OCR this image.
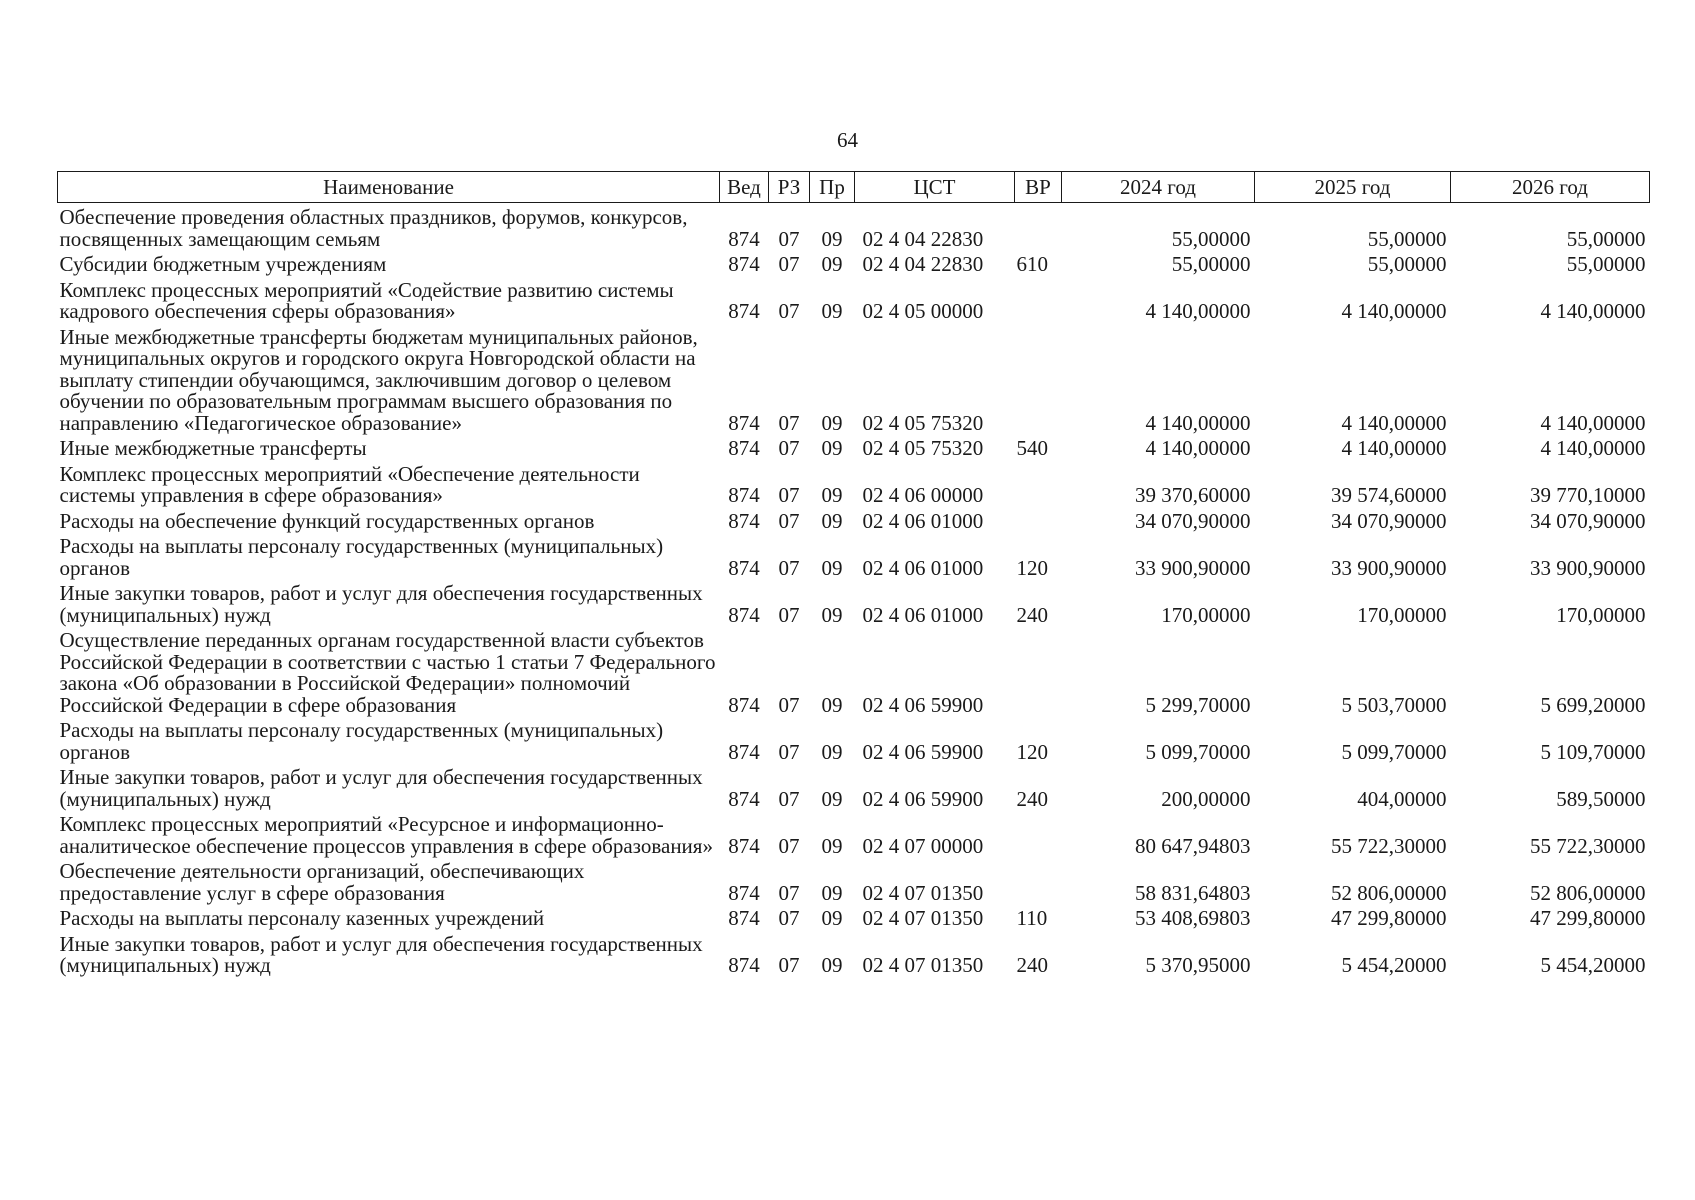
64
Наименование	Вед	РЗ	Пр	ЦСТ	ВР	2024 год	2025 год	2026 год
Обеспечение проведения областных праздников, форумов, конкурсов, посвященных замещающим семьям	874	07	09	02 4 04 22830		55,00000	55,00000	55,00000
Субсидии бюджетным учреждениям	874	07	09	02 4 04 22830	610	55,00000	55,00000	55,00000
Комплекс процессных мероприятий «Содействие развитию системы кадрового обеспечения сферы образования»	874	07	09	02 4 05 00000		4 140,00000	4 140,00000	4 140,00000
Иные межбюджетные трансферты бюджетам муниципальных районов, муниципальных округов и городского округа Новгородской области на выплату стипендии обучающимся, заключившим договор о целевом обучении по образовательным программам высшего образования по направлению «Педагогическое образование»	874	07	09	02 4 05 75320		4 140,00000	4 140,00000	4 140,00000
Иные межбюджетные трансферты	874	07	09	02 4 05 75320	540	4 140,00000	4 140,00000	4 140,00000
Комплекс процессных мероприятий «Обеспечение деятельности системы управления в сфере образования»	874	07	09	02 4 06 00000		39 370,60000	39 574,60000	39 770,10000
Расходы на обеспечение функций государственных органов	874	07	09	02 4 06 01000		34 070,90000	34 070,90000	34 070,90000
Расходы на выплаты персоналу государственных (муниципальных) органов	874	07	09	02 4 06 01000	120	33 900,90000	33 900,90000	33 900,90000
Иные закупки товаров, работ и услуг для обеспечения государственных (муниципальных) нужд	874	07	09	02 4 06 01000	240	170,00000	170,00000	170,00000
Осуществление переданных органам государственной власти субъектов Российской Федерации в соответствии с частью 1 статьи 7 Федерального закона «Об образовании в Российской Федерации» полномочий Российской Федерации в сфере образования	874	07	09	02 4 06 59900		5 299,70000	5 503,70000	5 699,20000
Расходы на выплаты персоналу государственных (муниципальных) органов	874	07	09	02 4 06 59900	120	5 099,70000	5 099,70000	5 109,70000
Иные закупки товаров, работ и услуг для обеспечения государственных (муниципальных) нужд	874	07	09	02 4 06 59900	240	200,00000	404,00000	589,50000
Комплекс процессных мероприятий «Ресурсное и информационно-аналитическое обеспечение процессов управления в сфере образования»	874	07	09	02 4 07 00000		80 647,94803	55 722,30000	55 722,30000
Обеспечение деятельности организаций, обеспечивающих предоставление услуг в сфере образования	874	07	09	02 4 07 01350		58 831,64803	52 806,00000	52 806,00000
Расходы на выплаты персоналу казенных учреждений	874	07	09	02 4 07 01350	110	53 408,69803	47 299,80000	47 299,80000
Иные закупки товаров, работ и услуг для обеспечения государственных (муниципальных) нужд	874	07	09	02 4 07 01350	240	5 370,95000	5 454,20000	5 454,20000
